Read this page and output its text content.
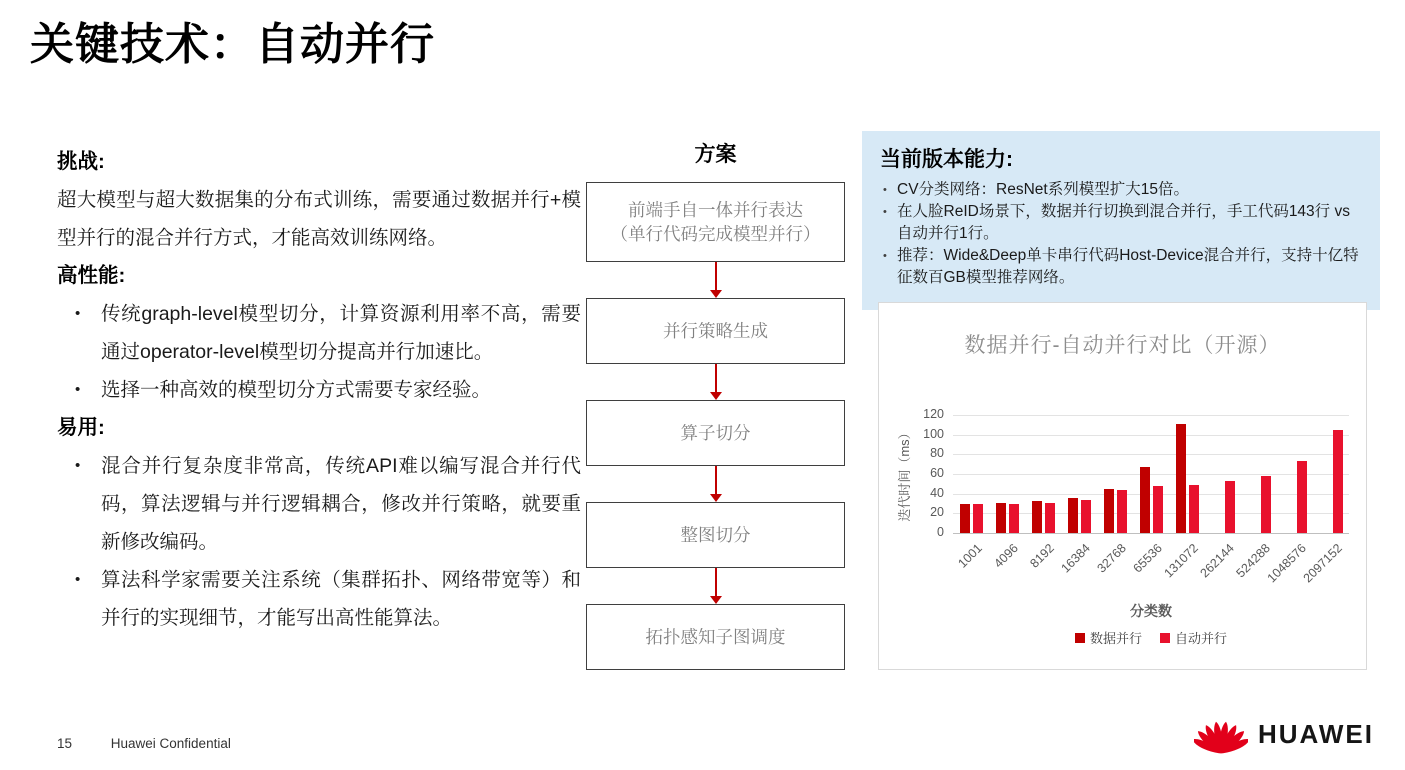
关键技术：自动并行
挑战:
超大模型与超大数据集的分布式训练，需要通过数据并行+模型并行的混合并行方式，才能高效训练网络。
高性能:
• 传统graph-level模型切分，计算资源利用率不高，需要通过operator-level模型切分提高并行加速比。
• 选择一种高效的模型切分方式需要专家经验。
易用:
• 混合并行复杂度非常高，传统API难以编写混合并行代码，算法逻辑与并行逻辑耦合，修改并行策略，就要重新修改编码。
• 算法科学家需要关注系统（集群拓扑、网络带宽等）和并行的实现细节，才能写出高性能算法。
方案
前端手自一体并行表达
（单行代码完成模型并行）
并行策略生成
算子切分
整图切分
拓扑感知子图调度
当前版本能力:
• CV分类网络：ResNet系列模型扩大15倍。
• 在人脸ReID场景下，数据并行切换到混合并行，手工代码143行 vs 自动并行1行。
• 推荐：Wide&Deep单卡串行代码Host-Device混合并行，支持十亿特征数百GB模型推荐网络。
数据并行-自动并行对比（开源）
迭代时间（ms）
1001 4096 8192 16384 32768 65536
131072
262144
524288
1048576
2097152
分类数
数据并行	自动并行
0
20
40
60
80
100
120
15	Huawei Confidential	HUAWEI
